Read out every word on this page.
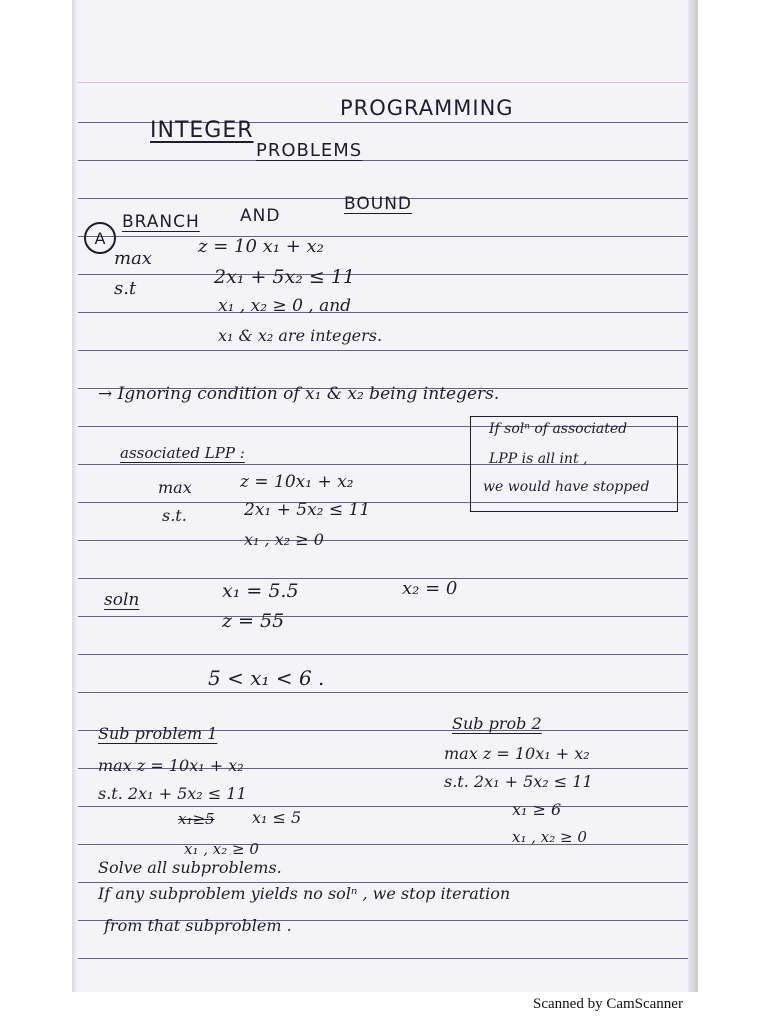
INTEGER
PROGRAMMING
PROBLEMS
A
BRANCH AND
BOUND
max
z = 10 x₁ + x₂
s.t
2x₁ + 5x₂ ≤ 11
x₁ , x₂ ≥ 0 , and
x₁ & x₂ are integers.
→ Ignoring condition of x₁ & x₂ being integers.
associated LPP :
max	z = 10x₁ + x₂
s.t.	2x₁ + 5x₂ ≤ 11
x₁ , x₂ ≥ 0
If solⁿ of associated
LPP is all int ,
we would have stopped
soln	x₁ = 5.5	x₂ = 0
z = 55
5 < x₁ < 6 .
Sub problem 1
max z = 10x₁ + x₂
s.t. 2x₁ + 5x₂ ≤ 11
x₁≥5 x₁ ≤ 5
x₁ , x₂ ≥ 0
Sub prob 2
max z = 10x₁ + x₂
s.t. 2x₁ + 5x₂ ≤ 11
x₁ ≥ 6
x₁ , x₂ ≥ 0
Solve all subproblems.
If any subproblem yields no solⁿ , we stop iteration
from that subproblem .
Scanned by CamScanner
